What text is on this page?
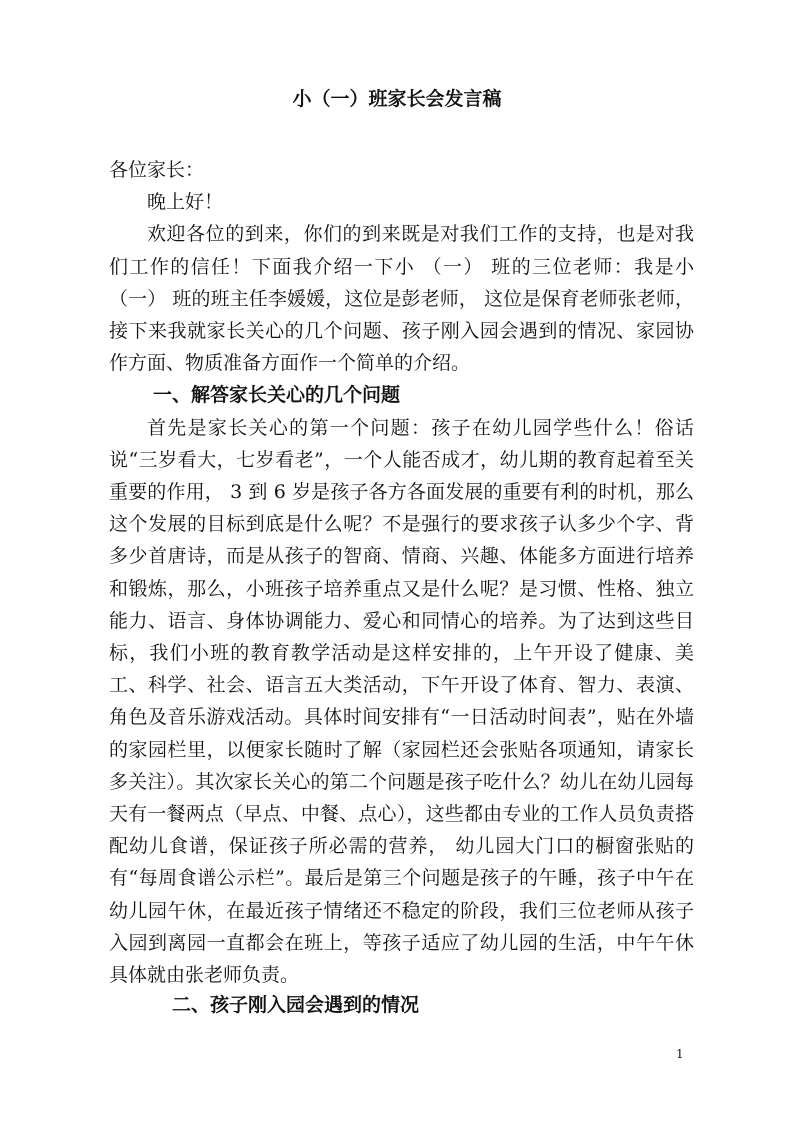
小（一）班家长会发言稿

各位家长：

晚上好！

欢迎各位的到来，你们的到来既是对我们工作的支持，也是对我们工作的信任！下面我介绍一下小 （一） 班的三位老师：我是小 （一） 班的班主任李媛媛，这位是彭老师， 这位是保育老师张老师，接下来我就家长关心的几个问题、孩子刚入园会遇到的情况、家园协作方面、物质准备方面作一个简单的介绍。

一、解答家长关心的几个问题

首先是家长关心的第一个问题：孩子在幼儿园学些什么！俗话说“三岁看大，七岁看老”，一个人能否成才，幼儿期的教育起着至关重要的作用， 3 到 6 岁是孩子各方各面发展的重要有利的时机，那么这个发展的目标到底是什么呢？不是强行的要求孩子认多少个字、背多少首唐诗，而是从孩子的智商、情商、兴趣、体能多方面进行培养和锻炼，那么，小班孩子培养重点又是什么呢？是习惯、性格、独立能力、语言、身体协调能力、爱心和同情心的培养。为了达到这些目标，我们小班的教育教学活动是这样安排的，上午开设了健康、美工、科学、社会、语言五大类活动，下午开设了体育、智力、表演、角色及音乐游戏活动。具体时间安排有“一日活动时间表”，贴在外墙的家园栏里，以便家长随时了解（家园栏还会张贴各项通知，请家长多关注）。其次家长关心的第二个问题是孩子吃什么？幼儿在幼儿园每天有一餐两点（早点、中餐、点心），这些都由专业的工作人员负责搭配幼儿食谱，保证孩子所必需的营养， 幼儿园大门口的橱窗张贴的有“每周食谱公示栏”。最后是第三个问题是孩子的午睡，孩子中午在幼儿园午休，在最近孩子情绪还不稳定的阶段，我们三位老师从孩子入园到离园一直都会在班上，等孩子适应了幼儿园的生活，中午午休具体就由张老师负责。

二、孩子刚入园会遇到的情况
1
